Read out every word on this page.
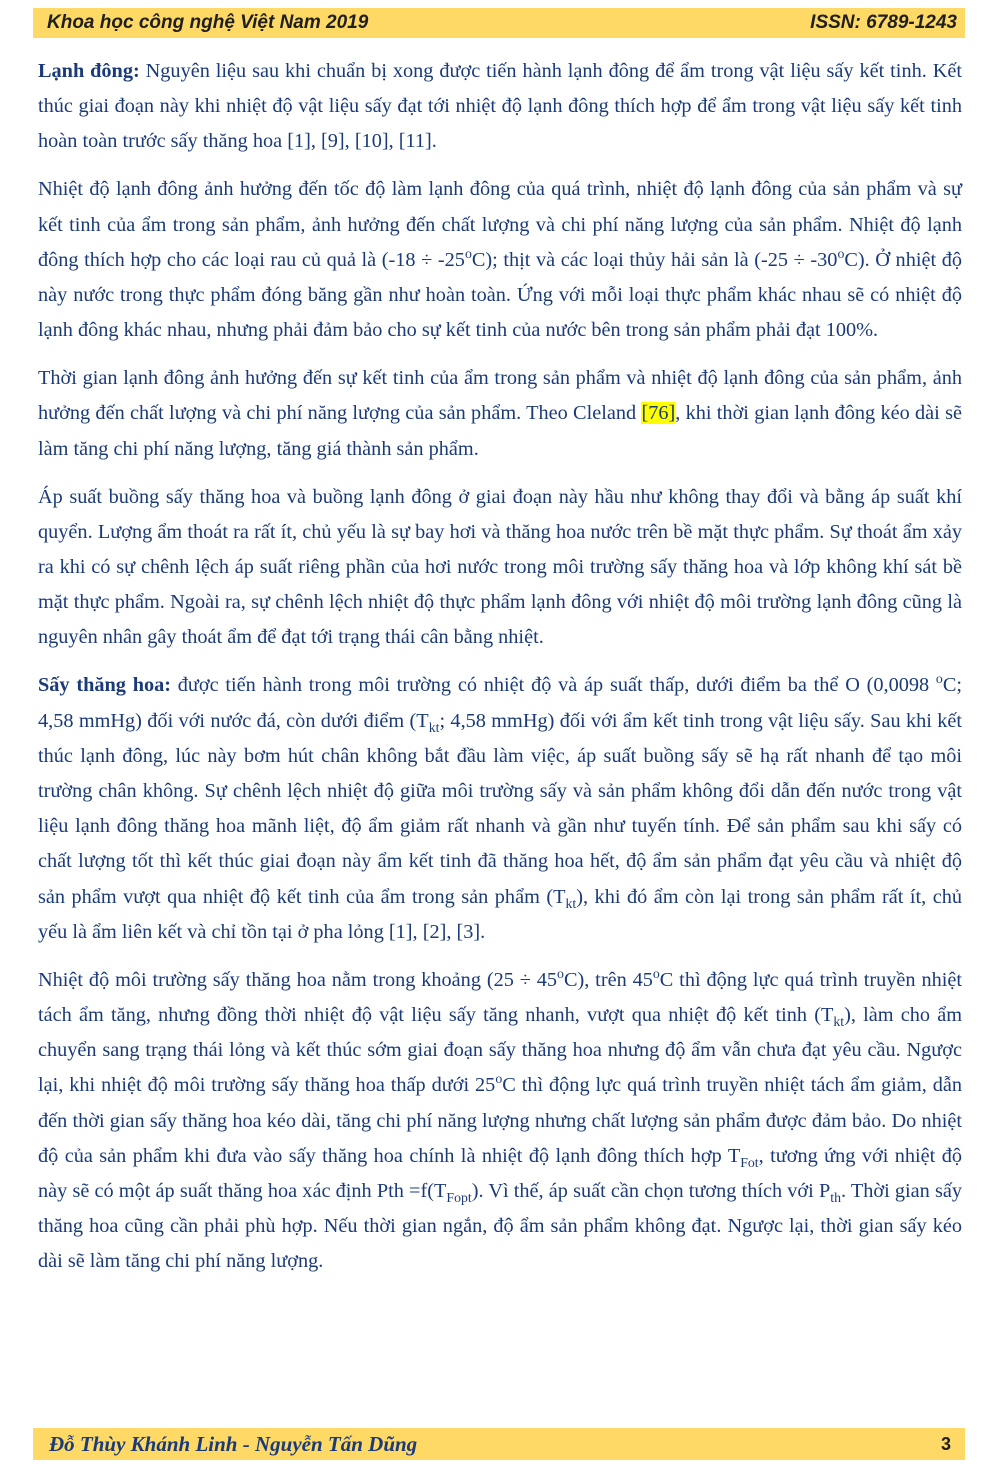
Khoa học công nghệ Việt Nam 2019	ISSN: 6789-1243

Lạnh đông: Nguyên liệu sau khi chuẩn bị xong được tiến hành lạnh đông để ẩm trong vật liệu sấy kết tinh. Kết thúc giai đoạn này khi nhiệt độ vật liệu sấy đạt tới nhiệt độ lạnh đông thích hợp để ẩm trong vật liệu sấy kết tinh hoàn toàn trước sấy thăng hoa [1], [9], [10], [11].

Nhiệt độ lạnh đông ảnh hưởng đến tốc độ làm lạnh đông của quá trình, nhiệt độ lạnh đông của sản phẩm và sự kết tinh của ẩm trong sản phẩm, ảnh hưởng đến chất lượng và chi phí năng lượng của sản phẩm. Nhiệt độ lạnh đông thích hợp cho các loại rau củ quả là $(-18 \div -25^oC)$; thịt và các loại thủy hải sản là $(-25 \div -30^oC)$. Ở nhiệt độ này nước trong thực phẩm đóng băng gần như hoàn toàn. Ứng với mỗi loại thực phẩm khác nhau sẽ có nhiệt độ lạnh đông khác nhau, nhưng phải đảm bảo cho sự kết tinh của nước bên trong sản phẩm phải đạt 100%.

Thời gian lạnh đông ảnh hưởng đến sự kết tinh của ẩm trong sản phẩm và nhiệt độ lạnh đông của sản phẩm, ảnh hưởng đến chất lượng và chi phí năng lượng của sản phẩm. Theo Cleland [76], khi thời gian lạnh đông kéo dài sẽ làm tăng chi phí năng lượng, tăng giá thành sản phẩm.

Áp suất buồng sấy thăng hoa và buồng lạnh đông ở giai đoạn này hầu như không thay đổi và bằng áp suất khí quyển. Lượng ẩm thoát ra rất ít, chủ yếu là sự bay hơi và thăng hoa nước trên bề mặt thực phẩm. Sự thoát ẩm xảy ra khi có sự chênh lệch áp suất riêng phần của hơi nước trong môi trường sấy thăng hoa và lớp không khí sát bề mặt thực phẩm. Ngoài ra, sự chênh lệch nhiệt độ thực phẩm lạnh đông với nhiệt độ môi trường lạnh đông cũng là nguyên nhân gây thoát ẩm để đạt tới trạng thái cân bằng nhiệt.

Sấy thăng hoa: được tiến hành trong môi trường có nhiệt độ và áp suất thấp, dưới điểm ba thể O (0,0098 $^o$C; 4,58 mmHg) đối với nước đá, còn dưới điểm ($T_{kt}$; 4,58 mmHg) đối với ẩm kết tinh trong vật liệu sấy. Sau khi kết thúc lạnh đông, lúc này bơm hút chân không bắt đầu làm việc, áp suất buồng sấy sẽ hạ rất nhanh để tạo môi trường chân không. Sự chênh lệch nhiệt độ giữa môi trường sấy và sản phẩm không đổi dẫn đến nước trong vật liệu lạnh đông thăng hoa mãnh liệt, độ ẩm giảm rất nhanh và gần như tuyến tính. Để sản phẩm sau khi sấy có chất lượng tốt thì kết thúc giai đoạn này ẩm kết tinh đã thăng hoa hết, độ ẩm sản phẩm đạt yêu cầu và nhiệt độ sản phẩm vượt qua nhiệt độ kết tinh của ẩm trong sản phẩm $(T_{kt})$, khi đó ẩm còn lại trong sản phẩm rất ít, chủ yếu là ẩm liên kết và chỉ tồn tại ở pha lỏng [1], [2], [3].

Nhiệt độ môi trường sấy thăng hoa nằm trong khoảng $(25 \div 45^oC)$, trên 45$^o$C thì động lực quá trình truyền nhiệt tách ẩm tăng, nhưng đồng thời nhiệt độ vật liệu sấy tăng nhanh, vượt qua nhiệt độ kết tinh $(T_{kt})$, làm cho ẩm chuyển sang trạng thái lỏng và kết thúc sớm giai đoạn sấy thăng hoa nhưng độ ẩm vẫn chưa đạt yêu cầu. Ngược lại, khi nhiệt độ môi trường sấy thăng hoa thấp dưới 25$^o$C thì động lực quá trình truyền nhiệt tách ẩm giảm, dẫn đến thời gian sấy thăng hoa kéo dài, tăng chi phí năng lượng nhưng chất lượng sản phẩm được đảm bảo. Do nhiệt độ của sản phẩm khi đưa vào sấy thăng hoa chính là nhiệt độ lạnh đông thích hợp $T_{Fot}$, tương ứng với nhiệt độ này sẽ có một áp suất thăng hoa xác định Pth $=f(T_{Fopt})$. Vì thế, áp suất cần chọn tương thích với $P_{th}$. Thời gian sấy thăng hoa cũng cần phải phù hợp. Nếu thời gian ngắn, độ ẩm sản phẩm không đạt. Ngược lại, thời gian sấy kéo dài sẽ làm tăng chi phí năng lượng.

Đỗ Thùy Khánh Linh - Nguyễn Tấn Dũng	3
